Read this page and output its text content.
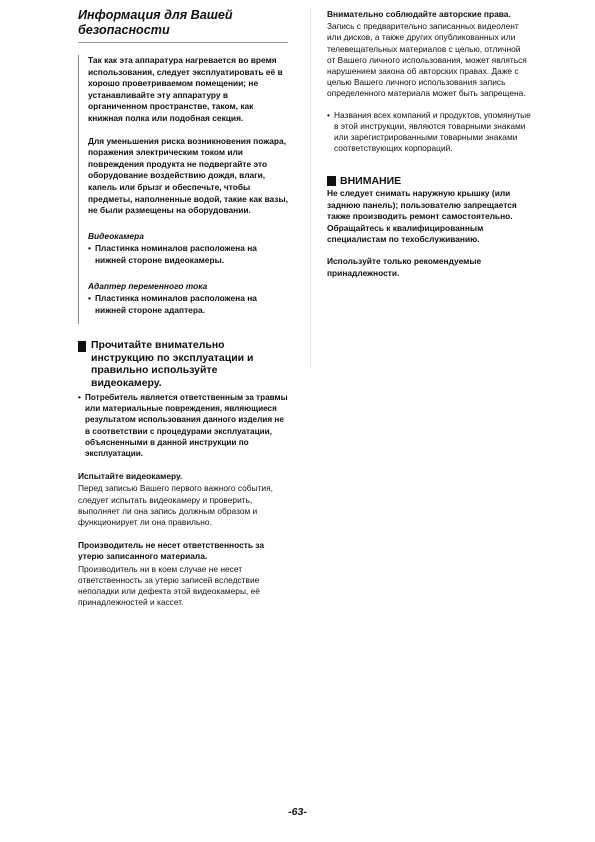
Информация для Вашей безопасности

Так как эта аппаратура нагревается во время использования, следует эксплуатировать её в хорошо проветриваемом помещении; не устанавливайте эту аппаратуру в органиченном пространстве, таком, как книжная полка или подобная секция.

Для уменьшения риска возникновения пожара, поражения электрическим током или повреждения продукта не подвергайте это оборудование воздействию дождя, влаги, капель или брызг и обеспечьте, чтобы предметы, наполненные водой, такие как вазы, не были размещены на оборудовании.

Видеокамера
• Пластинка номиналов расположена на нижней стороне видеокамеры.
Адаптер переменного тока
• Пластинка номиналов расположена на нижней стороне адаптера.
Прочитайте внимательно инструкцию по эксплуатации и правильно используйте видеокамеру.
• Потребитель является ответственным за травмы или материальные повреждения, являющиеся результатом использования данного изделия не в соответствии с процедурами эксплуатации, объясненными в данной инструкции по эксплуатации.
Испытайте видеокамеру.

Перед записью Вашего первого важного события, следует испытать видеокамеру и проверить, выполняет ли она запись должным образом и функционирует ли она правильно.

Производитель не несет ответственность за утерю записанного материала.

Производитель ни в коем случае не несет ответственность за утерю записей вследствие неполадки или дефекта этой видеокамеры, её принадлежностей и кассет.

Внимательно соблюдайте авторские права.

Запись с предварительно записанных видеолент или дисков, а также других опубликованных или телевещательных материалов с целью, отличной от Вашего личного использования, может являться нарушением закона об авторских правах. Даже с целью Вашего личного использования запись определенного материала может быть запрещена.

• Названия всех компаний и продуктов, упомянутые в этой инструкции, являются товарными знаками или зарегистрированными товарными знаками соответствующих корпораций.
ВНИМАНИЕ

Не следует снимать наружную крышку (или заднюю панель); пользователю запрещается также производить ремонт самостоятельно. Обращайтесь к квалифицированным специалистам по техобслуживанию.

Используйте только рекомендуемые принадлежности.

-63-
